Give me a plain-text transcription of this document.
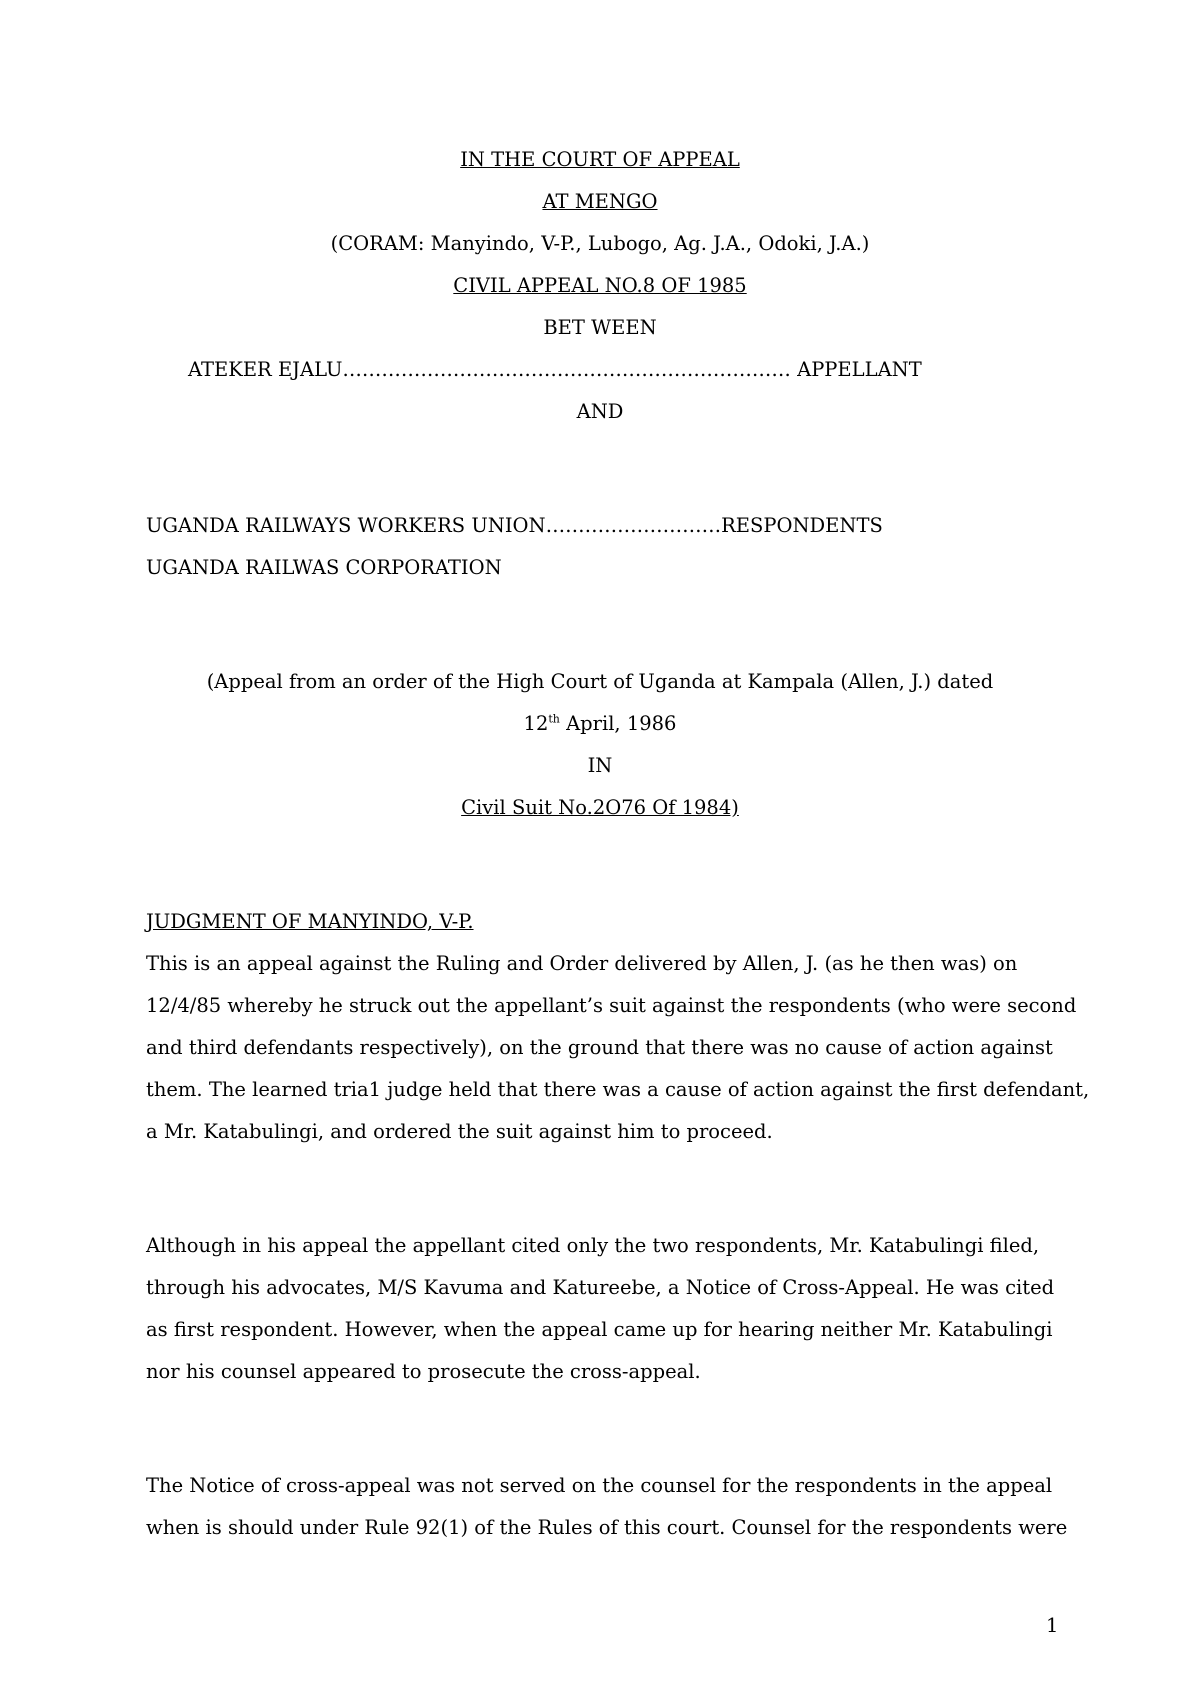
IN THE COURT OF APPEAL
AT MENGO
(CORAM: Manyindo, V-P., Lubogo, Ag. J.A., Odoki, J.A.)
CIVIL APPEAL NO.8 OF 1985
BET WEEN
ATEKER EJALU…………………………………………………………… APPELLANT
AND
UGANDA RAILWAYS WORKERS UNION………………………RESPONDENTS
UGANDA RAILWAS CORPORATION
(Appeal from an order of the High Court of Uganda at Kampala (Allen, J.) dated
12th April, 1986
IN
Civil Suit No.2O76 Of 1984)
JUDGMENT OF MANYINDO, V-P.
This is an appeal against the Ruling and Order delivered by Allen, J. (as he then was) on
12/4/85 whereby he struck out the appellant’s suit against the respondents (who were second
and third defendants respectively), on the ground that there was no cause of action against
them. The learned tria1 judge held that there was a cause of action against the first defendant,
a Mr. Katabulingi, and ordered the suit against him to proceed.
Although in his appeal the appellant cited only the two respondents, Mr. Katabulingi filed,
through his advocates, M/S Kavuma and Katureebe, a Notice of Cross-Appeal. He was cited
as first respondent. However, when the appeal came up for hearing neither Mr. Katabulingi
nor his counsel appeared to prosecute the cross-appeal.
The Notice of cross-appeal was not served on the counsel for the respondents in the appeal
when is should under Rule 92(1) of the Rules of this court. Counsel for the respondents were
1
